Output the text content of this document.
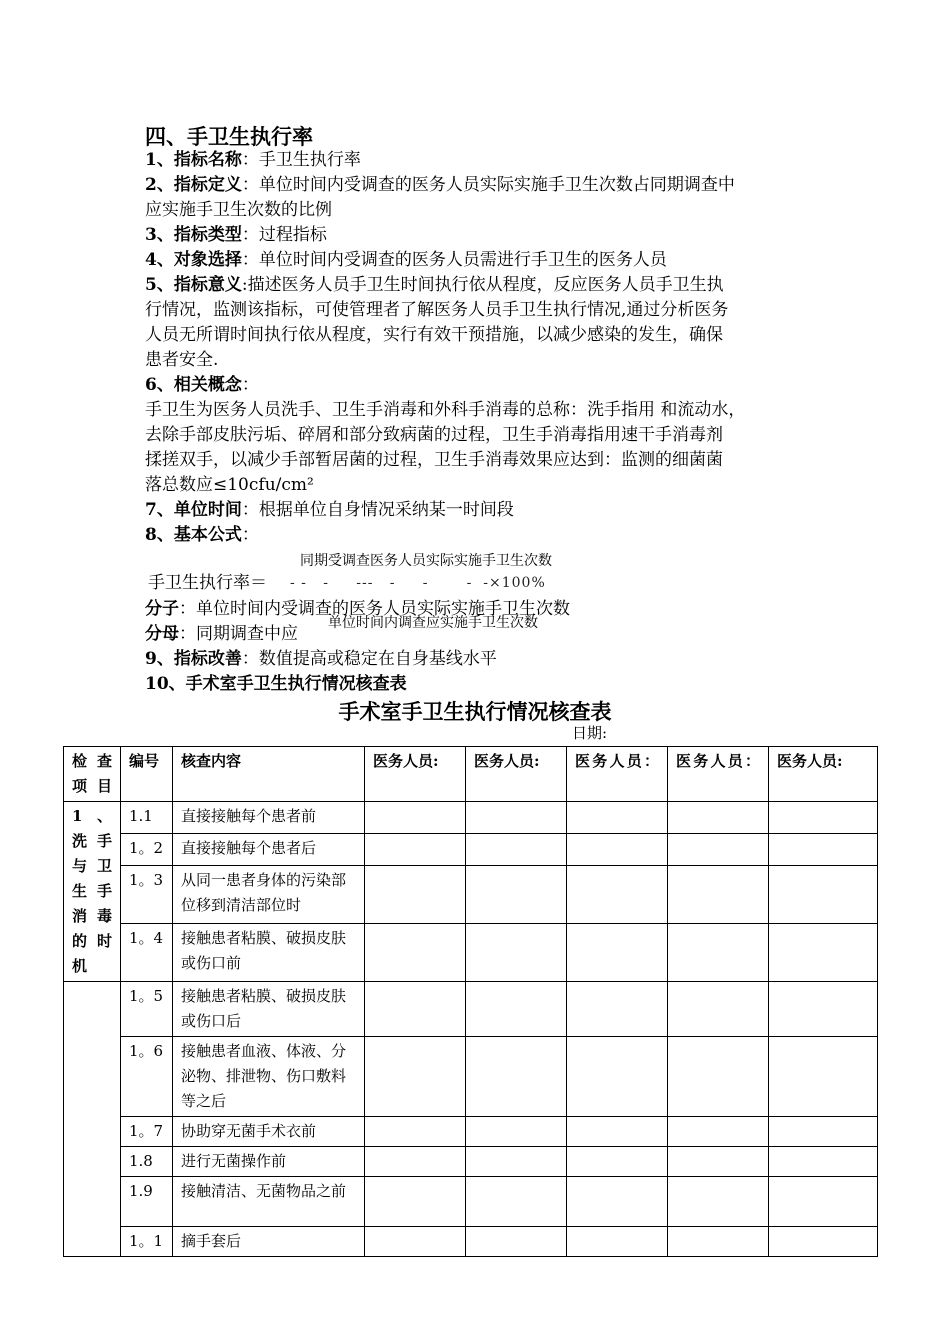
四、手卫生执行率
1、指标名称：手卫生执行率
2、指标定义：单位时间内受调查的医务人员实际实施手卫生次数占同期调查中
应实施手卫生次数的比例
3、指标类型：过程指标
4、对象选择：单位时间内受调查的医务人员需进行手卫生的医务人员
5、指标意义:描述医务人员手卫生时间执行依从程度，反应医务人员手卫生执
行情况，监测该指标，可使管理者了解医务人员手卫生执行情况,通过分析医务
人员无所谓时间执行依从程度，实行有效干预措施，以减少感染的发生，确保
患者安全.
6、相关概念：
手卫生为医务人员洗手、卫生手消毒和外科手消毒的总称：洗手指用 和流动水，
去除手部皮肤污垢、碎屑和部分致病菌的过程，卫生手消毒指用速干手消毒剂
揉搓双手，以减少手部暂居菌的过程，卫生手消毒效果应达到：监测的细菌菌
落总数应≤10cfu/cm²
7、单位时间：根据单位自身情况采纳某一时间段
8、基本公式：
同期受调查医务人员实际实施手卫生次数
手卫生执行率＝ - -   -     ---   -     -       -  -×100%
分子：单位时间内受调查的医务人员实际实施手卫生次数
分母：同期调查中应
单位时间内调查应实施手卫生次数
9、指标改善：数值提高或稳定在自身基线水平
10、手术室手卫生执行情况核查表
手术室手卫生执行情况核查表
日期:
检查项目	编号	核查内容	医务人员:	医务人员:	医务人员：	医务人员：	医务人员:
1、洗手与卫生手消毒的时机	1.1	直接接触每个患者前					
	1。2	直接接触每个患者后					
	1。3	从同一患者身体的污染部位移到清洁部位时					
	1。4	接触患者粘膜、破损皮肤或伤口前					
	1。5	接触患者粘膜、破损皮肤或伤口后					
	1。6	接触患者血液、体液、分泌物、排泄物、伤口敷料等之后					
	1。7	协助穿无菌手术衣前					
	1.8	进行无菌操作前					
	1.9	接触清洁、无菌物品之前					
	1。1	摘手套后					
